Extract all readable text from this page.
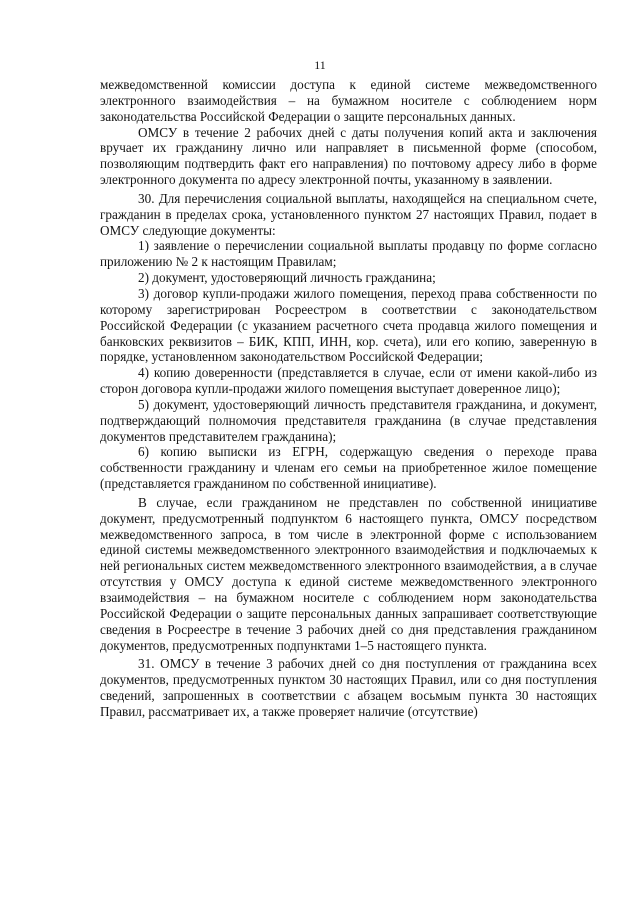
11

межведомственной комиссии доступа к единой системе межведомственного электронного взаимодействия – на бумажном носителе с соблюдением норм законодательства Российской Федерации о защите персональных данных.

ОМСУ в течение 2 рабочих дней с даты получения копий акта и заключения вручает их гражданину лично или направляет в письменной форме (способом, позволяющим подтвердить факт его направления) по почтовому адресу либо в форме электронного документа по адресу электронной почты, указанному в заявлении.

30. Для перечисления социальной выплаты, находящейся на специальном счете, гражданин в пределах срока, установленного пунктом 27 настоящих Правил, подает в ОМСУ следующие документы:

1) заявление о перечислении социальной выплаты продавцу по форме согласно приложению № 2 к настоящим Правилам;

2) документ, удостоверяющий личность гражданина;

3) договор купли-продажи жилого помещения, переход права собственности по которому зарегистрирован Росреестром в соответствии с законодательством Российской Федерации (с указанием расчетного счета продавца жилого помещения и банковских реквизитов – БИК, КПП, ИНН, кор. счета), или его копию, заверенную в порядке, установленном законодательством Российской Федерации;

4) копию доверенности (представляется в случае, если от имени какой-либо из сторон договора купли-продажи жилого помещения выступает доверенное лицо);

5) документ, удостоверяющий личность представителя гражданина, и документ, подтверждающий полномочия представителя гражданина (в случае представления документов представителем гражданина);

6) копию выписки из ЕГРН, содержащую сведения о переходе права собственности гражданину и членам его семьи на приобретенное жилое помещение (представляется гражданином по собственной инициативе).

В случае, если гражданином не представлен по собственной инициативе документ, предусмотренный подпунктом 6 настоящего пункта, ОМСУ посредством межведомственного запроса, в том числе в электронной форме с использованием единой системы межведомственного электронного взаимодействия и подключаемых к ней региональных систем межведомственного электронного взаимодействия, а в случае отсутствия у ОМСУ доступа к единой системе межведомственного электронного взаимодействия – на бумажном носителе с соблюдением норм законодательства Российской Федерации о защите персональных данных запрашивает соответствующие сведения в Росреестре в течение 3 рабочих дней со дня представления гражданином документов, предусмотренных подпунктами 1–5 настоящего пункта.

31. ОМСУ в течение 3 рабочих дней со дня поступления от гражданина всех документов, предусмотренных пунктом 30 настоящих Правил, или со дня поступления сведений, запрошенных в соответствии с абзацем восьмым пункта 30 настоящих Правил, рассматривает их, а также проверяет наличие (отсутствие)
